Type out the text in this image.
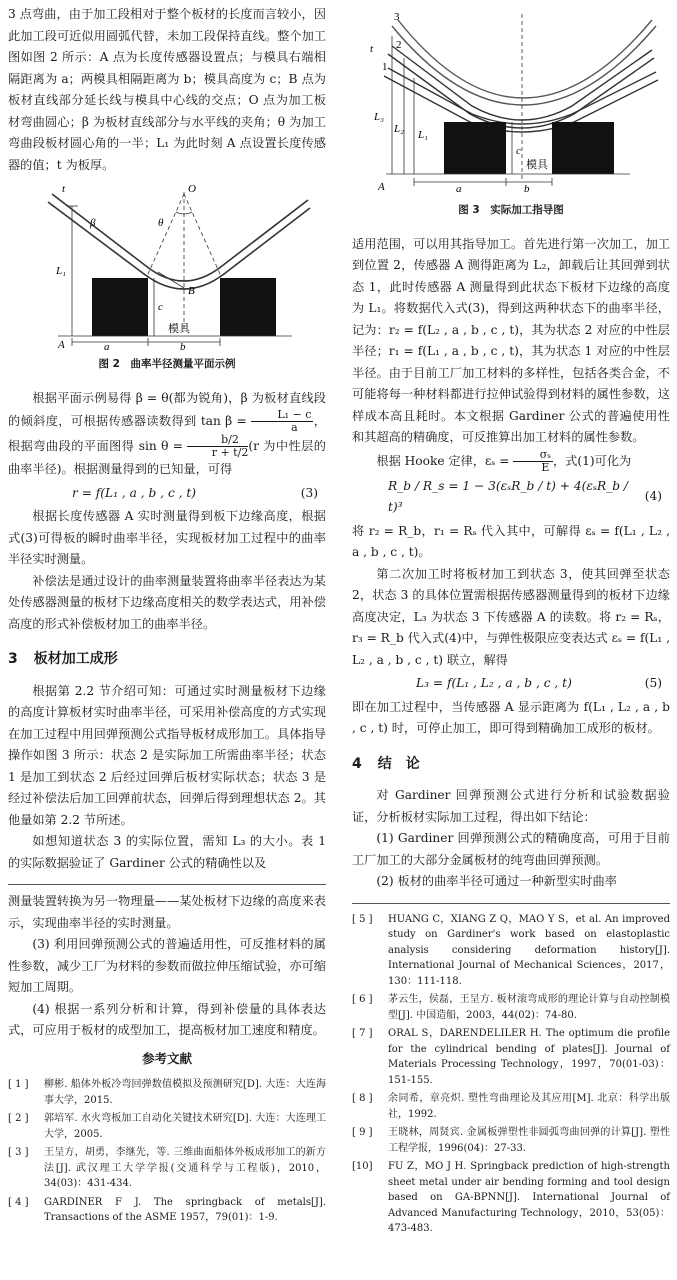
3 点弯曲，由于加工段相对于整个板材的长度而言较小，因此加工段可近似用圆弧代替，未加工段保持直线。整个加工图如图 2 所示：A 点为长度传感器设置点；与模具右端相隔距离为 a；两模具相隔距离为 b；模具高度为 c；B 点为板材直线部分延长线与模具中心线的交点；O 点为加工板材弯曲圆心；β 为板材直线部分与水平线的夹角；θ 为加工弯曲段板材圆心角的一半；L₁ 为此时刻 A 点设置长度传感器的值；t 为板厚。

t
β
O
θ
L₁
c
B
模具
A	a	b
图 2　曲率半径测量平面示例

根据平面示例易得 β = θ(都为锐角)，β 为板材直线段的倾斜度，可根据传感器读数得到 $\tan \beta = \frac{\text{L₁ − c}}{a}$ ，根据弯曲段的平面图得 $\sin \theta = \frac{b/2}{r + t/2} (r$ 为中性层的曲率半径)。根据测量得到的已知量，可得

r = f(L₁ , a , b , c , t)	(3)

根据长度传感器 A 实时测量得到板下边缘高度，根据式(3)可得板的瞬时曲率半径，实现板材加工过程中的曲率半径实时测量。

补偿法是通过设计的曲率测量装置将曲率半径表达为某处传感器测量的板材下边缘高度相关的数学表达式，用补偿高度的形式补偿板材加工的曲率半径。

3 板材加工成形

根据第 2.2 节介绍可知：可通过实时测量板材下边缘的高度计算板材实时曲率半径，可采用补偿高度的方式实现在加工过程中用回弹预测公式指导板材成形加工。具体指导操作如图 3 所示：状态 2 是实际加工所需曲率半径；状态 1 是加工到状态 2 后经过回弹后板材实际状态；状态 3 是经过补偿法后加工回弹前状态，回弹后得到理想状态 2。其他量如第 2.2 节所述。

如想知道状态 3 的实际位置，需知 L₃ 的大小。表 1 的实际数据验证了 Gardiner 公式的精确性以及

测量装置转换为另一物理量——某处板材下边缘的高度来表示，实现曲率半径的实时测量。

(3) 利用回弹预测公式的普遍适用性，可反推材料的属性参数，减少工厂为材料的参数而做拉伸压缩试验，亦可缩短加工周期。

(4) 根据一系列分析和计算，得到补偿量的具体表达式，可应用于板材的成型加工，提高板材加工速度和精度。

参考文献
[ 1 ]	柳彬. 船体外板冷弯回弹数值模拟及预测研究[D]. 大连：大连海事大学，2015.
[ 2 ]	郭培军. 水火弯板加工自动化关键技术研究[D]. 大连：大连理工大学，2005.
[ 3 ]	王呈方，胡勇，李继先，等. 三维曲面船体外板成形加工的新方法[J]. 武汉理工大学学报(交通科学与工程版)，2010，34(03)：431-434.
[ 4 ]	GARDINER F J. The springback of metals[J]. Transactions of the ASME 1957，79(01)：1-9.
3
2
1
t
L₃
L₂ L₁
c
模具
A	a	b
图 3　实际加工指导图

适用范围，可以用其指导加工。首先进行第一次加工，加工到位置 2，传感器 A 测得距离为 L₂，卸载后让其回弹到状态 1，此时传感器 A 测量得到此状态下板材下边缘的高度为 L₁。将数据代入式(3)，得到这两种状态下的曲率半径，记为：r₂ = f(L₂ , a , b , c , t)，其为状态 2 对应的中性层半径；r₁ = f(L₁ , a , b , c , t)，其为状态 1 对应的中性层半径。由于目前工厂加工材料的多样性，包括各类合金，不可能将每一种材料都进行拉伸试验得到材料的属性参数，这样成本高且耗时。本文根据 Gardiner 公式的普遍使用性和其超高的精确度，可反推算出加工材料的属性参数。

根据 Hooke 定律，$\varepsilon_s = \frac{\text{σₛ}}{E}$ ，式(1)可化为

R_b / R_s = 1 − 3(εₛR_b / t) + 4(εₛR_b / t)³
(4)

将 r₂ = R_b，r₁ = Rₛ 代入其中，可解得 εₛ = f(L₁ , L₂ , a , b , c , t)。

第二次加工时将板材加工到状态 3，使其回弹至状态 2，状态 3 的具体位置需根据传感器测量得到的板材下边缘高度决定，L₃ 为状态 3 下传感器 A 的读数。将 r₂ = Rₛ，r₃ = R_b 代入式(4)中，与弹性极限应变表达式 εₛ = f(L₁ , L₂ , a , b , c , t) 联立，解得

L₃ = f(L₁ , L₂ , a , b , c , t)	(5)

即在加工过程中，当传感器 A 显示距离为 f(L₁ , L₂ , a , b , c , t) 时，可停止加工，即可得到精确加工成形的板材。

4 结　论

对 Gardiner 回弹预测公式进行分析和试验数据验证，分析板材实际加工过程，得出如下结论：

(1) Gardiner 回弹预测公式的精确度高，可用于目前工厂加工的大部分金属板材的纯弯曲回弹预测。

(2) 板材的曲率半径可通过一种新型实时曲率

[ 5 ]	HUANG C，XIANG Z Q，MAO Y S，et al. An improved study on Gardiner's work based on elastoplastic analysis considering deformation history[J]. International Journal of Mechanical Sciences，2017，130：111-118.
[ 6 ]	茅云生，侯磊，王呈方. 板材滚弯成形的理论计算与自动控制模型[J]. 中国造船，2003，44(02)：74-80.
[ 7 ]	ORAL S，DARENDELILER H. The optimum die profile for the cylindrical bending of plates[J]. Journal of Materials Processing Technology，1997，70(01-03)：151-155.
[ 8 ]	余同希，章亮炽. 塑性弯曲理论及其应用[M]. 北京：科学出版社，1992.
[ 9 ]	王晓林，周贤宾. 金属板弹塑性非圆弧弯曲回弹的计算[J]. 塑性工程学报，1996(04)：27-33.
[10]	FU Z，MO J H. Springback prediction of high-strength sheet metal under air bending forming and tool design based on GA-BPNN[J]. International Journal of Advanced Manufacturing Technology，2010，53(05)：473-483.
